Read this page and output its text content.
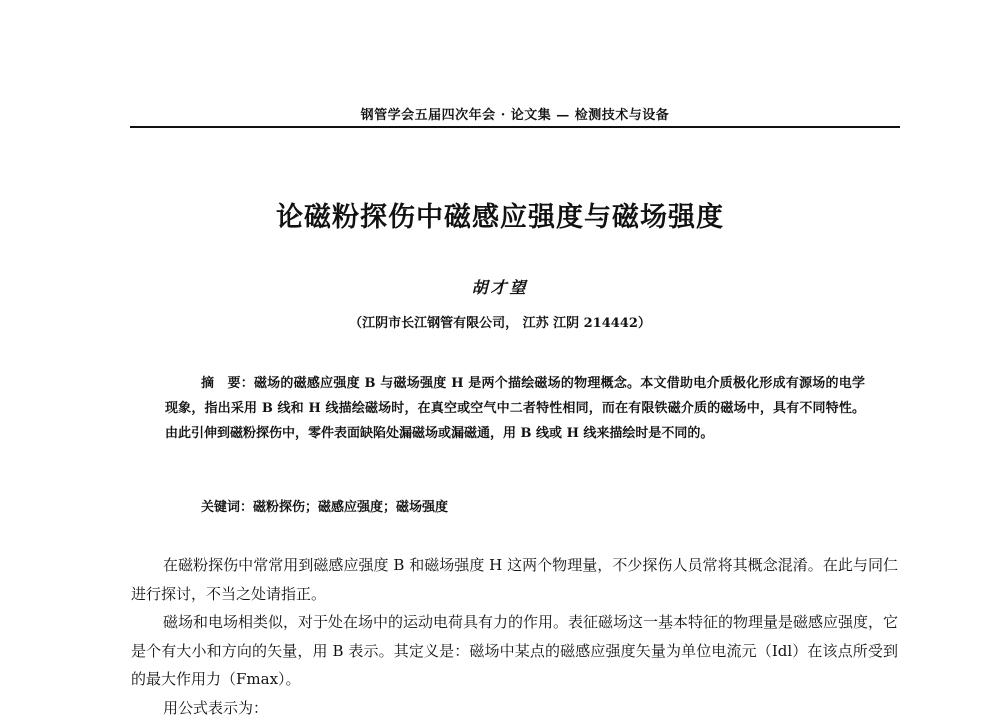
钢管学会五届四次年会 · 论文集 — 检测技术与设备
论磁粉探伤中磁感应强度与磁场强度
胡才望
（江阴市长江钢管有限公司， 江苏 江阴 214442）
摘　要：磁场的磁感应强度 B 与磁场强度 H 是两个描绘磁场的物理概念。本文借助电介质极化形成有源场的电学现象，指出采用 B 线和 H 线描绘磁场时，在真空或空气中二者特性相同，而在有限铁磁介质的磁场中，具有不同特性。由此引伸到磁粉探伤中，零件表面缺陷处漏磁场或漏磁通，用 B 线或 H 线来描绘时是不同的。
关键词：磁粉探伤；磁感应强度；磁场强度

在磁粉探伤中常常用到磁感应强度 B 和磁场强度 H 这两个物理量，不少探伤人员常将其概念混淆。在此与同仁进行探讨，不当之处请指正。

磁场和电场相类似，对于处在场中的运动电荷具有力的作用。表征磁场这一基本特征的物理量是磁感应强度，它是个有大小和方向的矢量，用 B 表示。其定义是：磁场中某点的磁感应强度矢量为单位电流元（Idl）在该点所受到的最大作用力（Fmax）。

用公式表示为：
